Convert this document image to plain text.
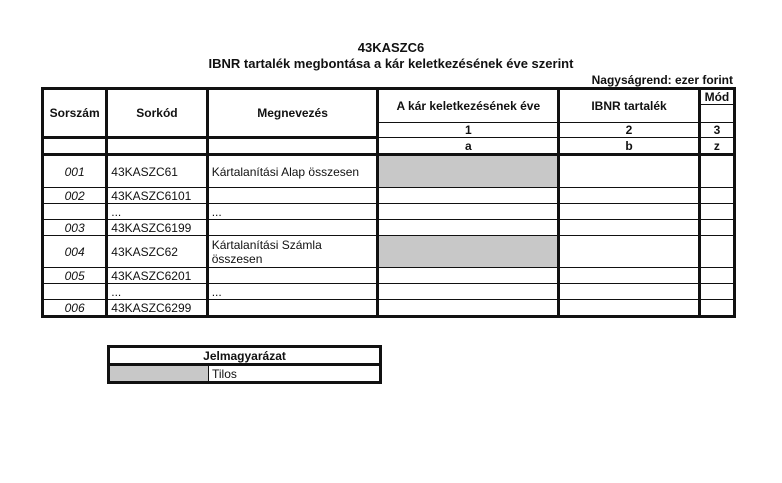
43KASZC6
IBNR tartalék megbontása a kár keletkezésének éve szerint
Nagyságrend: ezer forint
Sorszám	Sorkód	Megnevezés	A kár keletkezésének éve	IBNR tartalék	Mód

			1	2	3
			a	b	z
001	43KASZC61	Kártalanítási Alap összesen			
002	43KASZC6101				
	...	...			
003	43KASZC6199				
004	43KASZC62	Kártalanítási Számla összesen			
005	43KASZC6201				
	...	...			
006	43KASZC6299				
Jelmagyarázat
	Tilos
